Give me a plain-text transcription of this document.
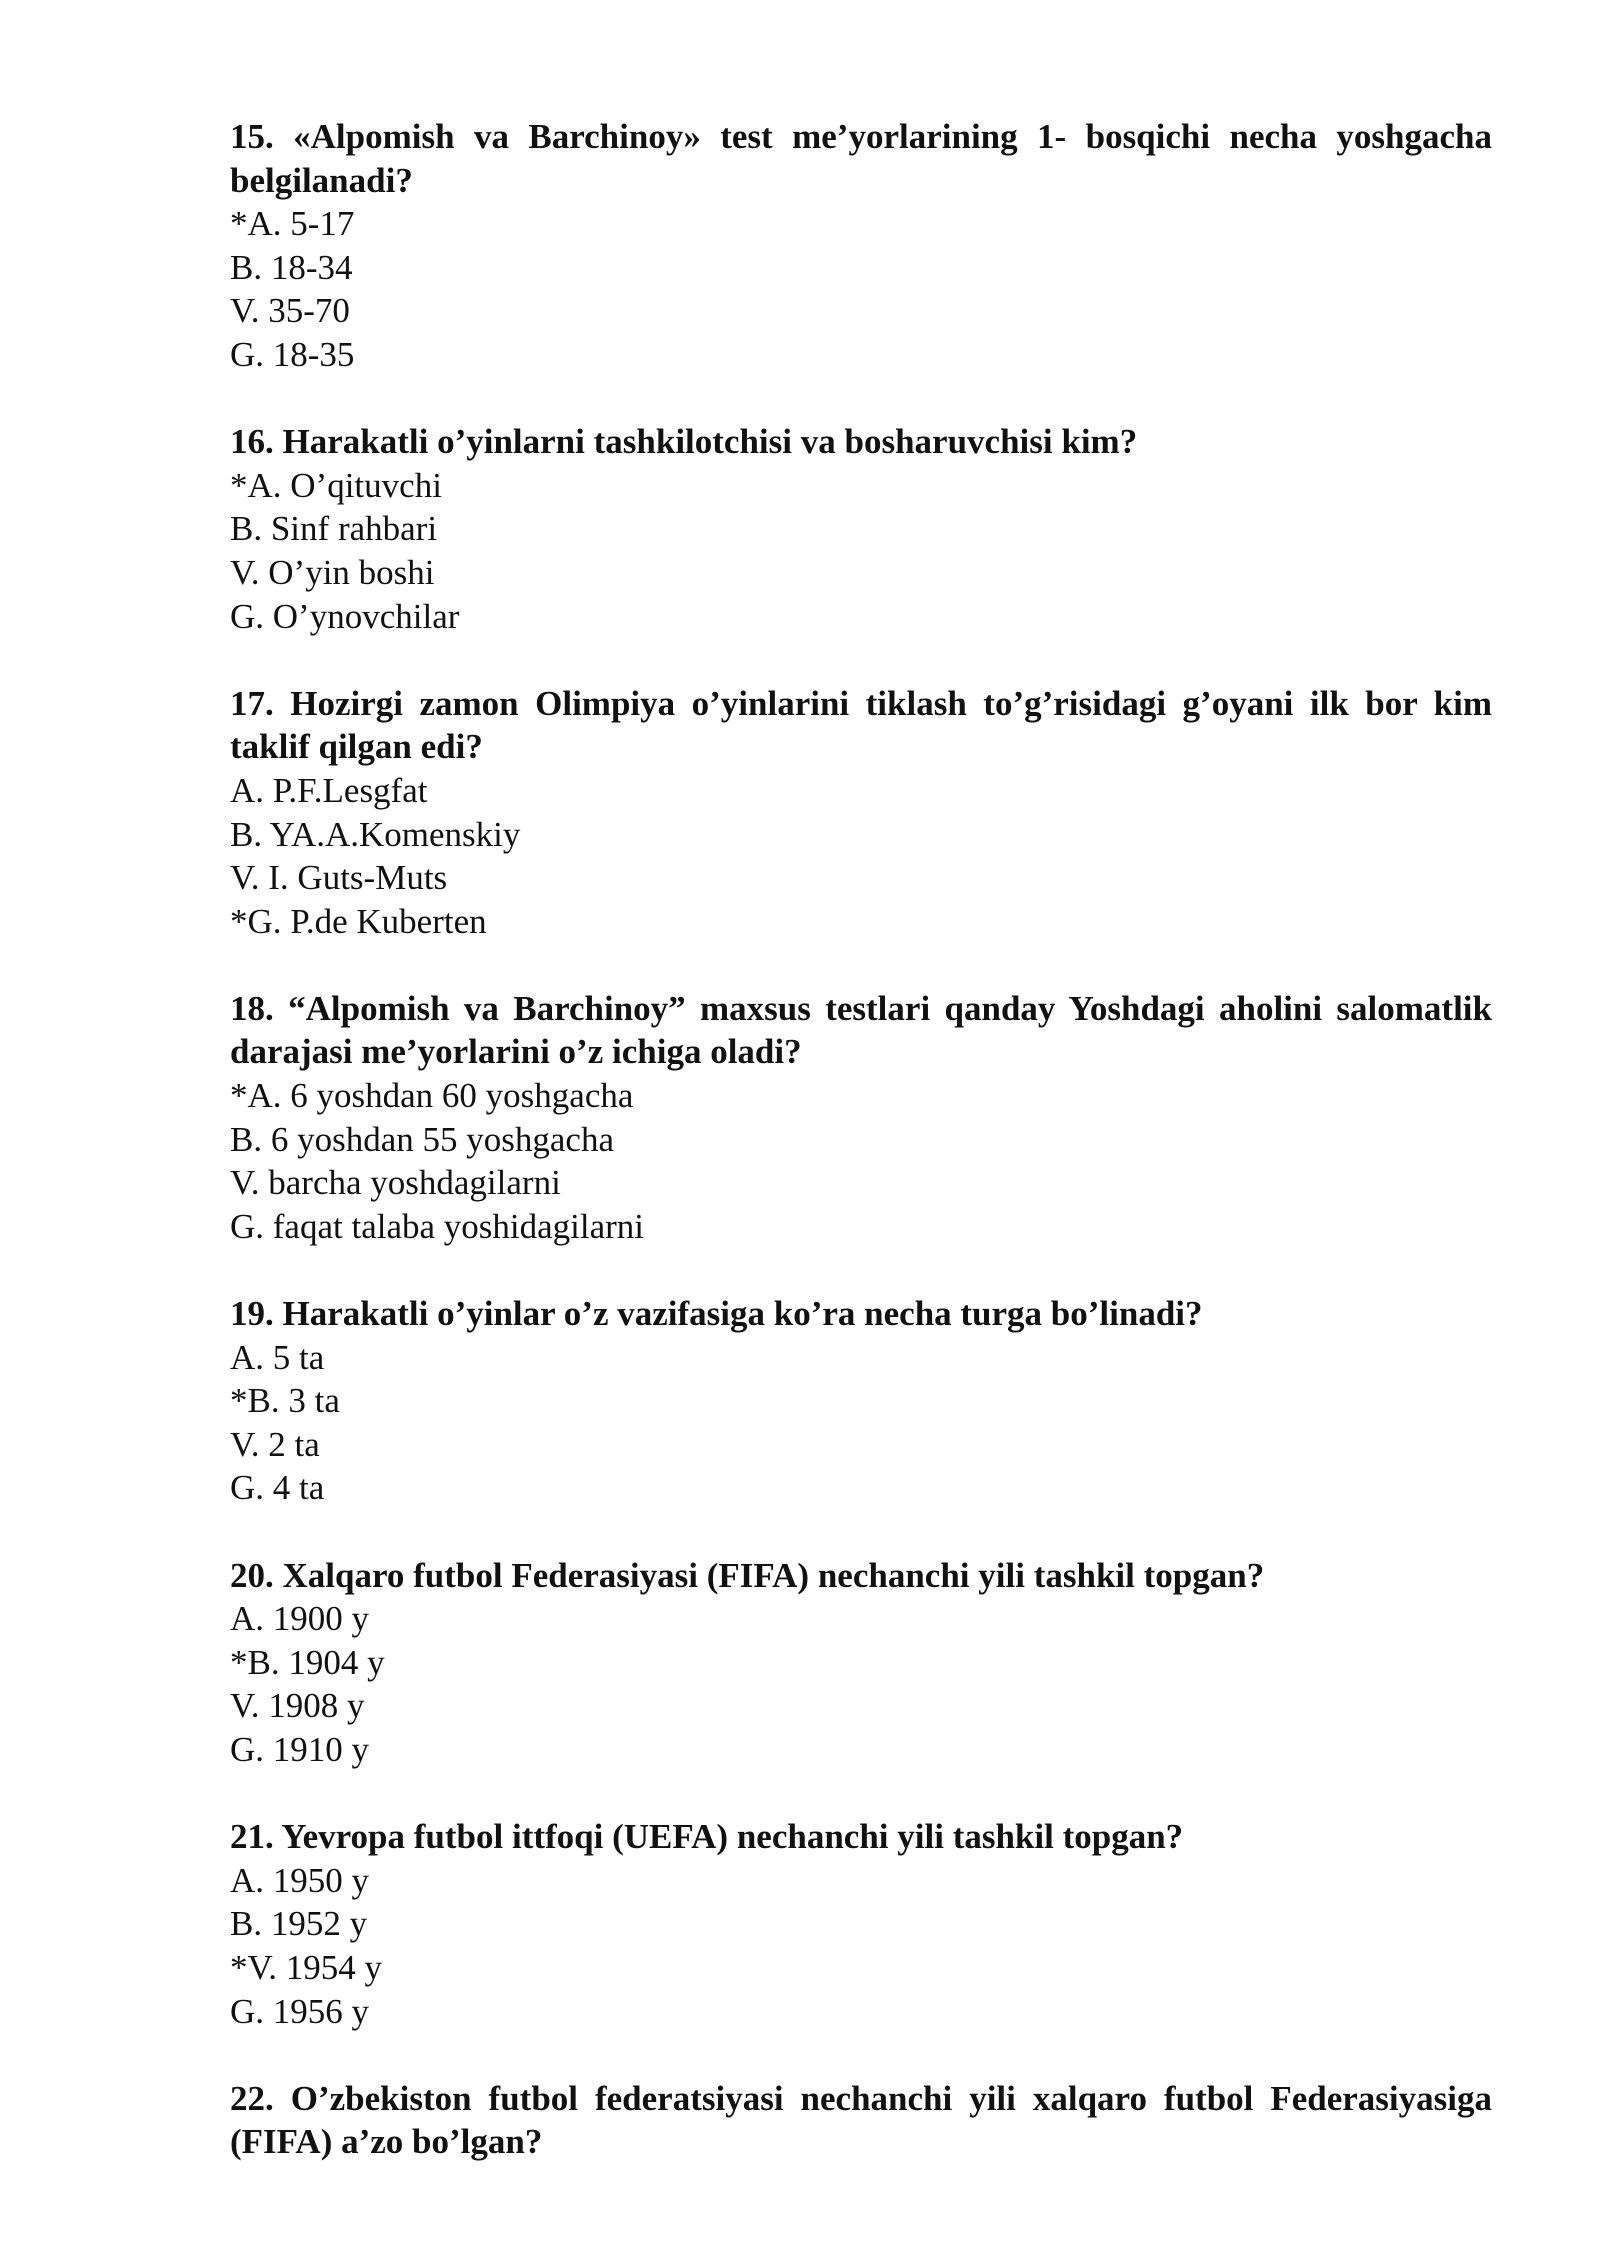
15. «Alpomish va Barchinoy» test me’yorlarining 1- bosqichi necha yoshgacha belgilanadi?

*A. 5-17

B. 18-34

V. 35-70

G. 18-35

16. Harakatli o’yinlarni tashkilotchisi va bosharuvchisi kim?

*A. O’qituvchi

B. Sinf rahbari

V. O’yin boshi

G. O’ynovchilar

17. Hozirgi zamon Olimpiya o’yinlarini tiklash to’g’risidagi g’oyani ilk bor kim taklif qilgan edi?

A. P.F.Lesgfat

B. YA.A.Komenskiy

V. I. Guts-Muts

*G. P.de Kuberten

18. “Alpomish va Barchinoy” maxsus testlari qanday Yoshdagi aholini salomatlik darajasi me’yorlarini o’z ichiga oladi?

*A. 6 yoshdan 60 yoshgacha

B. 6 yoshdan 55 yoshgacha

V. barcha yoshdagilarni

G. faqat talaba yoshidagilarni

19. Harakatli o’yinlar o’z vazifasiga ko’ra necha turga bo’linadi?

A. 5 ta

*B. 3 ta

V. 2 ta

G. 4 ta

20. Xalqaro futbol Federasiyasi (FIFA) nechanchi yili tashkil topgan?

A. 1900 y

*B. 1904 y

V. 1908 y

G. 1910 y

21. Yevropa futbol ittfoqi (UEFA) nechanchi yili tashkil topgan?

A. 1950 y

B. 1952 y

*V. 1954 y

G. 1956 y

22. O’zbekiston futbol federatsiyasi nechanchi yili xalqaro futbol Federasiyasiga (FIFA) a’zo bo’lgan?
